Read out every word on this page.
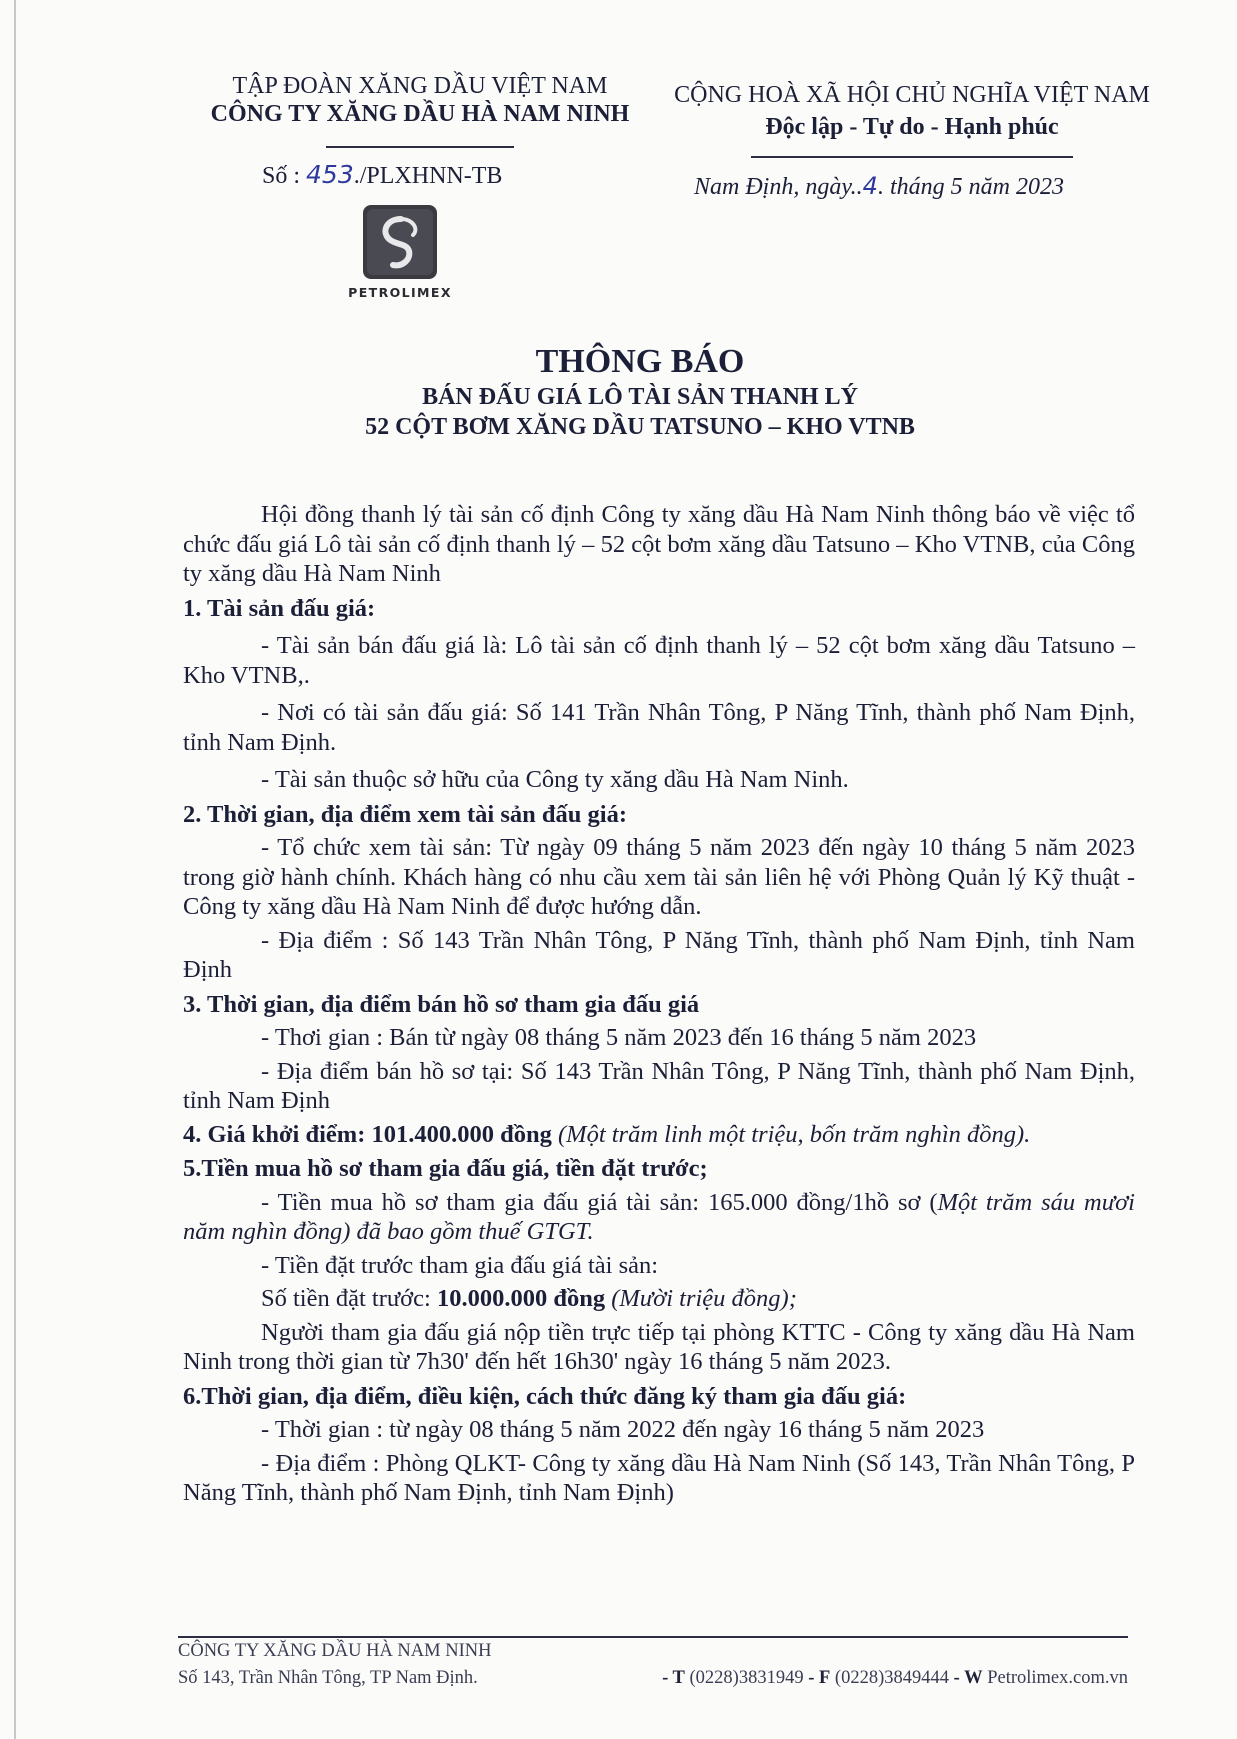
TẬP ĐOÀN XĂNG DẦU VIỆT NAM
CÔNG TY XĂNG DẦU HÀ NAM NINH
CỘNG HOÀ XÃ HỘI CHỦ NGHĨA VIỆT NAM
Độc lập - Tự do - Hạnh phúc
Số : 453./PLXHNN-TB	Nam Định, ngày..4. tháng 5 năm 2023
PETROLIMEX
THÔNG BÁO
BÁN ĐẤU GIÁ LÔ TÀI SẢN THANH LÝ
52 CỘT BƠM XĂNG DẦU TATSUNO – KHO VTNB

Hội đồng thanh lý tài sản cố định Công ty xăng dầu Hà Nam Ninh thông báo về việc tổ chức đấu giá Lô tài sản cố định thanh lý – 52 cột bơm xăng dầu Tatsuno – Kho VTNB, của Công ty xăng dầu Hà Nam Ninh

1. Tài sản đấu giá:

- Tài sản bán đấu giá là: Lô tài sản cố định thanh lý – 52 cột bơm xăng dầu Tatsuno – Kho VTNB,.

- Nơi có tài sản đấu giá: Số 141 Trần Nhân Tông, P Năng Tĩnh, thành phố Nam Định, tỉnh Nam Định.

- Tài sản thuộc sở hữu của Công ty xăng dầu Hà Nam Ninh.

2. Thời gian, địa điểm xem tài sản đấu giá:

- Tổ chức xem tài sản: Từ ngày 09 tháng 5 năm 2023 đến ngày 10 tháng 5 năm 2023 trong giờ hành chính. Khách hàng có nhu cầu xem tài sản liên hệ với Phòng Quản lý Kỹ thuật - Công ty xăng dầu Hà Nam Ninh để được hướng dẫn.

- Địa điểm : Số 143 Trần Nhân Tông, P Năng Tĩnh, thành phố Nam Định, tỉnh Nam Định

3. Thời gian, địa điểm bán hồ sơ tham gia đấu giá

- Thơi gian : Bán từ ngày 08 tháng 5 năm 2023 đến 16 tháng 5 năm 2023

- Địa điểm bán hồ sơ tại: Số 143 Trần Nhân Tông, P Năng Tĩnh, thành phố Nam Định, tỉnh Nam Định

4. Giá khởi điểm: 101.400.000 đồng (Một trăm linh một triệu, bốn trăm nghìn đồng).

5.Tiền mua hồ sơ tham gia đấu giá, tiền đặt trước;

- Tiền mua hồ sơ tham gia đấu giá tài sản: 165.000 đồng/1hồ sơ (Một trăm sáu mươi năm nghìn đồng) đã bao gồm thuế GTGT.

- Tiền đặt trước tham gia đấu giá tài sản:

Số tiền đặt trước: 10.000.000 đồng (Mười triệu đồng);

Người tham gia đấu giá nộp tiền trực tiếp tại phòng KTTC - Công ty xăng dầu Hà Nam Ninh trong thời gian từ 7h30' đến hết 16h30' ngày 16 tháng 5 năm 2023.

6.Thời gian, địa điểm, điều kiện, cách thức đăng ký tham gia đấu giá:

- Thời gian : từ ngày 08 tháng 5 năm 2022 đến ngày 16 tháng 5 năm 2023

- Địa điểm : Phòng QLKT- Công ty xăng dầu Hà Nam Ninh (Số 143, Trần Nhân Tông, P Năng Tĩnh, thành phố Nam Định, tỉnh Nam Định)

CÔNG TY XĂNG DẦU HÀ NAM NINH
Số 143, Trần Nhân Tông, TP Nam Định.	- T (0228)3831949 - F (0228)3849444 - W Petrolimex.com.vn
